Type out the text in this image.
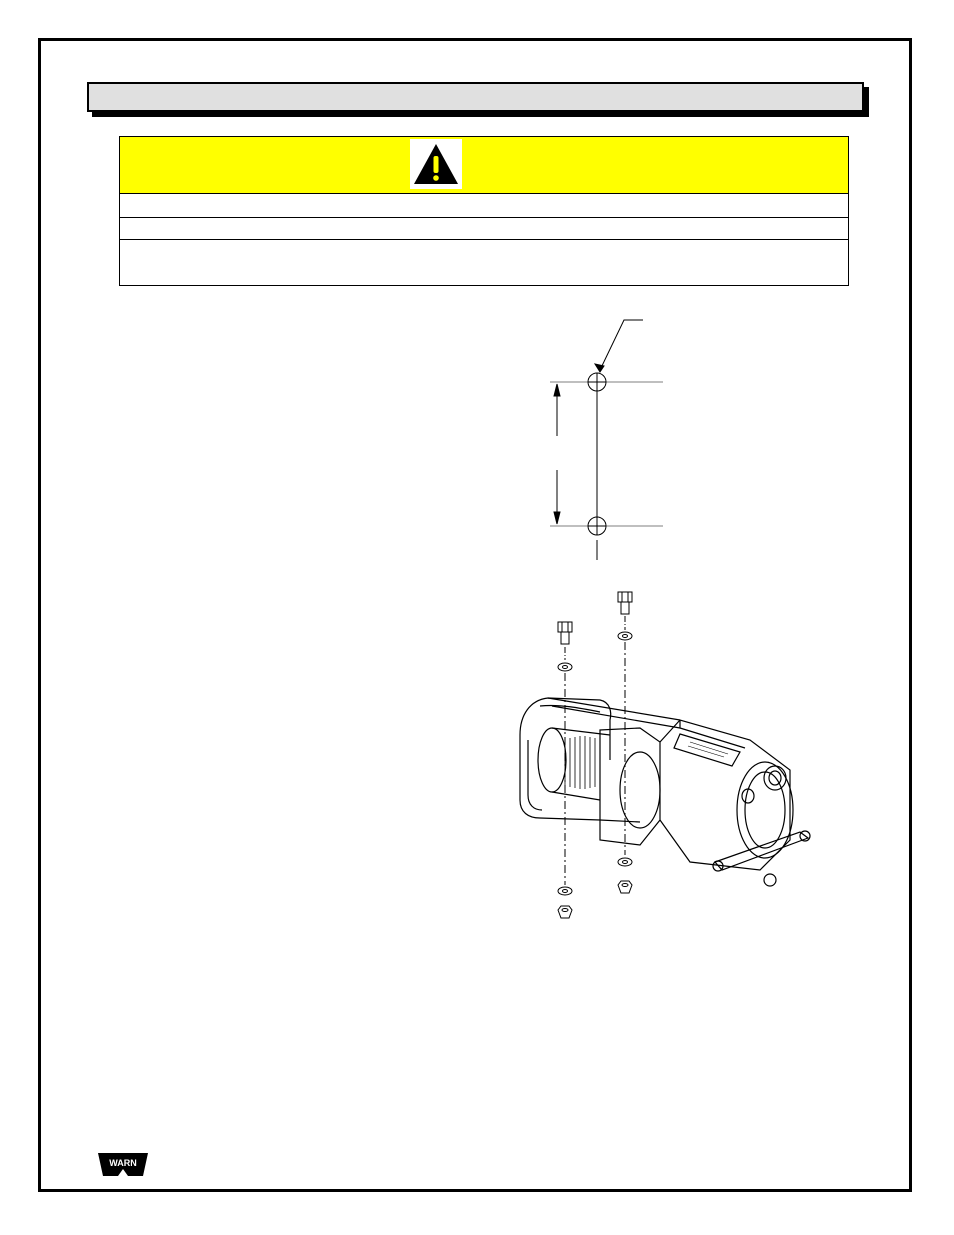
WARN
